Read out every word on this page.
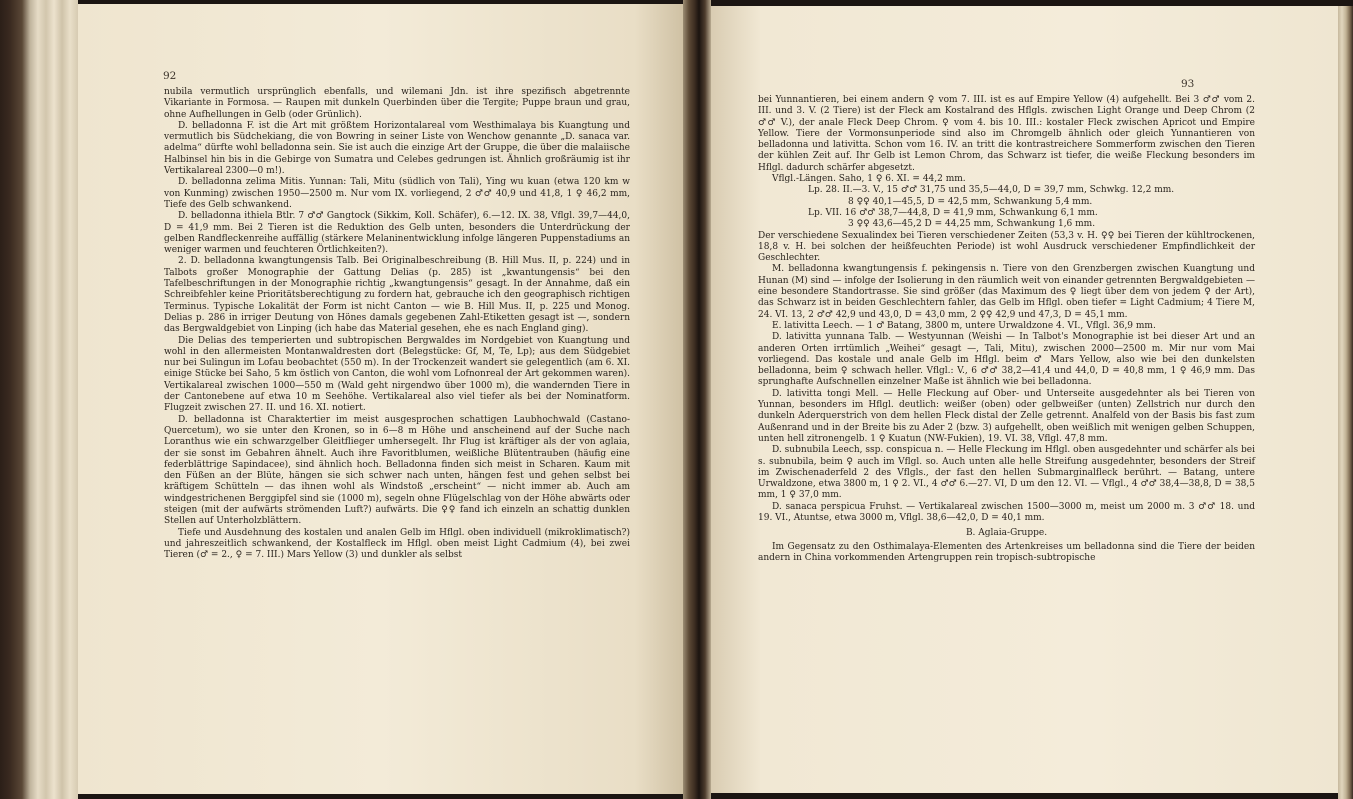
92

nubila vermutlich ursprünglich ebenfalls, und wilemani Jdn. ist ihre spezifisch abgetrennte Vikariante in Formosa. — Raupen mit dunkeln Querbinden über die Tergite; Puppe braun und grau, ohne Aufhellungen in Gelb (oder Grünlich).

D. belladonna F. ist die Art mit größtem Horizontalareal vom Westhimalaya bis Kuangtung und vermutlich bis Südchekiang, die von Bowring in seiner Liste von Wenchow genannte „D. sanaca var. adelma“ dürfte wohl belladonna sein. Sie ist auch die einzige Art der Gruppe, die über die malaiische Halbinsel hin bis in die Gebirge von Sumatra und Celebes gedrungen ist. Ähnlich großräumig ist ihr Vertikalareal 2300—0 m!).

D. belladonna zelima Mitis. Yunnan: Tali, Mitu (südlich von Tali), Ying wu kuan (etwa 120 km w von Kunming) zwischen 1950—2500 m. Nur vom IX. vorliegend, 2 ♂♂ 40,9 und 41,8, 1 ♀ 46,2 mm, Tiefe des Gelb schwankend.

D. belladonna ithiela Btlr. 7 ♂♂ Gangtock (Sikkim, Koll. Schäfer), 6.—12. IX. 38, Vflgl. 39,7—44,0, D = 41,9 mm. Bei 2 Tieren ist die Reduktion des Gelb unten, besonders die Unterdrückung der gelben Randfleckenreihe auffällig (stärkere Melaninentwicklung infolge längeren Puppenstadiums an weniger warmen und feuchteren Örtlichkeiten?).

2. D. belladonna kwangtungensis Talb. Bei Originalbeschreibung (B. Hill Mus. II, p. 224) und in Talbots großer Monographie der Gattung Delias (p. 285) ist „kwantungensis“ bei den Tafelbeschriftungen in der Monographie richtig „kwangtungensis“ gesagt. In der Annahme, daß ein Schreibfehler keine Prioritätsberechtigung zu fordern hat, gebrauche ich den geographisch richtigen Terminus. Typische Lokalität der Form ist nicht Canton — wie B. Hill Mus. II, p. 225 und Monog. Delias p. 286 in irriger Deutung von Hönes damals gegebenen Zahl-Etiketten gesagt ist —, sondern das Bergwaldgebiet von Linping (ich habe das Material gesehen, ehe es nach England ging).

Die Delias des temperierten und subtropischen Bergwaldes im Nordgebiet von Kuangtung und wohl in den allermeisten Montanwaldresten dort (Belegstücke: Gf, M, Te, Lp); aus dem Südgebiet nur bei Sulingun im Lofau beobachtet (550 m). In der Trockenzeit wandert sie gelegentlich (am 6. XI. einige Stücke bei Saho, 5 km östlich von Canton, die wohl vom Lofnonreal der Art gekommen waren). Vertikalareal zwischen 1000—550 m (Wald geht nirgendwo über 1000 m), die wandernden Tiere in der Cantonebene auf etwa 10 m Seehöhe. Vertikalareal also viel tiefer als bei der Nominatform. Flugzeit zwischen 27. II. und 16. XI. notiert.

D. belladonna ist Charaktertier im meist ausgesprochen schattigen Laubhochwald (Castano-Quercetum), wo sie unter den Kronen, so in 6—8 m Höhe und anscheinend auf der Suche nach Loranthus wie ein schwarzgelber Gleitflieger umhersegelt. Ihr Flug ist kräftiger als der von aglaia, der sie sonst im Gebahren ähnelt. Auch ihre Favoritblumen, weißliche Blütentrauben (häufig eine federblättrige Sapindacee), sind ähnlich hoch. Belladonna finden sich meist in Scharen. Kaum mit den Füßen an der Blüte, hängen sie sich schwer nach unten, hängen fest und gehen selbst bei kräftigem Schütteln — das ihnen wohl als Windstoß „erscheint“ — nicht immer ab. Auch am windgestrichenen Berggipfel sind sie (1000 m), segeln ohne Flügelschlag von der Höhe abwärts oder steigen (mit der aufwärts strömenden Luft?) aufwärts. Die ♀♀ fand ich einzeln an schattig dunklen Stellen auf Unterholzblättern.

Tiefe und Ausdehnung des kostalen und analen Gelb im Hflgl. oben individuell (mikroklimatisch?) und jahreszeitlich schwankend, der Kostalfleck im Hflgl. oben meist Light Cadmium (4), bei zwei Tieren (♂ = 2., ♀ = 7. III.) Mars Yellow (3) und dunkler als selbst

93

bei Yunnantieren, bei einem andern ♀ vom 7. III. ist es auf Empire Yellow (4) aufgehellt. Bei 3 ♂♂ vom 2. III. und 3. V. (2 Tiere) ist der Fleck am Kostalrand des Hflgls. zwischen Light Orange und Deep Chrom (2 ♂♂ V.), der anale Fleck Deep Chrom. ♀ vom 4. bis 10. III.: kostaler Fleck zwischen Apricot und Empire Yellow. Tiere der Vormonsunperiode sind also im Chromgelb ähnlich oder gleich Yunnantieren von belladonna und lativitta. Schon vom 16. IV. an tritt die kontrastreichere Sommerform zwischen den Tieren der kühlen Zeit auf. Ihr Gelb ist Lemon Chrom, das Schwarz ist tiefer, die weiße Fleckung besonders im Hflgl. dadurch schärfer abgesetzt.

Vflgl.-Längen. Saho, 1 ♀ 6. XI. = 44,2 mm.

Lp. 28. II.—3. V., 15 ♂♂ 31,75 und 35,5—44,0, D = 39,7 mm, Schwkg. 12,2 mm.

8 ♀♀ 40,1—45,5, D = 42,5 mm, Schwankung 5,4 mm.

Lp. VII. 16 ♂♂ 38,7—44,8, D = 41,9 mm, Schwankung 6,1 mm.

3 ♀♀ 43,6—45,2 D = 44,25 mm, Schwankung 1,6 mm.

Der verschiedene Sexualindex bei Tieren verschiedener Zeiten (53,3 v. H. ♀♀ bei Tieren der kühltrockenen, 18,8 v. H. bei solchen der heißfeuchten Periode) ist wohl Ausdruck verschiedener Empfindlichkeit der Geschlechter.

M. belladonna kwangtungensis f. pekingensis n. Tiere von den Grenzbergen zwischen Kuangtung und Hunan (M) sind — infolge der Isolierung in den räumlich weit von einander getrennten Bergwaldgebieten — eine besondere Standortrasse. Sie sind größer (das Maximum des ♀ liegt über dem von jedem ♀ der Art), das Schwarz ist in beiden Geschlechtern fahler, das Gelb im Hflgl. oben tiefer = Light Cadmium; 4 Tiere M, 24. VI. 13, 2 ♂♂ 42,9 und 43,0, D = 43,0 mm, 2 ♀♀ 42,9 und 47,3, D = 45,1 mm.

E. lativitta Leech. — 1 ♂ Batang, 3800 m, untere Urwaldzone 4. VI., Vflgl. 36,9 mm.

D. lativitta yunnana Talb. — Westyunnan (Weishi — In Talbot's Monographie ist bei dieser Art und an anderen Orten irrtümlich „Weihei“ gesagt —, Tali, Mitu), zwischen 2000—2500 m. Mir nur vom Mai vorliegend. Das kostale und anale Gelb im Hflgl. beim ♂ Mars Yellow, also wie bei den dunkelsten belladonna, beim ♀ schwach heller. Vflgl.: V., 6 ♂♂ 38,2—41,4 und 44,0, D = 40,8 mm, 1 ♀ 46,9 mm. Das sprunghafte Aufschnellen einzelner Maße ist ähnlich wie bei belladonna.

D. lativitta tongi Mell. — Helle Fleckung auf Ober- und Unterseite ausgedehnter als bei Tieren von Yunnan, besonders im Hflgl. deutlich: weißer (oben) oder gelbweißer (unten) Zellstrich nur durch den dunkeln Aderquerstrich von dem hellen Fleck distal der Zelle getrennt. Analfeld von der Basis bis fast zum Außenrand und in der Breite bis zu Ader 2 (bzw. 3) aufgehellt, oben weißlich mit wenigen gelben Schuppen, unten hell zitronengelb. 1 ♀ Kuatun (NW-Fukien), 19. VI. 38, Vflgl. 47,8 mm.

D. subnubila Leech, ssp. conspicua n. — Helle Fleckung im Hflgl. oben ausgedehnter und schärfer als bei s. subnubila, beim ♀ auch im Vflgl. so. Auch unten alle helle Streifung ausgedehnter, besonders der Streif im Zwischenaderfeld 2 des Vflgls., der fast den hellen Submarginalfleck berührt. — Batang, untere Urwaldzone, etwa 3800 m, 1 ♀ 2. VI., 4 ♂♂ 6.—27. VI, D um den 12. VI. — Vflgl., 4 ♂♂ 38,4—38,8, D = 38,5 mm, 1 ♀ 37,0 mm.

D. sanaca perspicua Fruhst. — Vertikalareal zwischen 1500—3000 m, meist um 2000 m. 3 ♂♂ 18. und 19. VI., Atuntse, etwa 3000 m, Vflgl. 38,6—42,0, D = 40,1 mm.

B. Aglaia-Gruppe.

Im Gegensatz zu den Osthimalaya-Elementen des Artenkreises um belladonna sind die Tiere der beiden andern in China vorkommenden Artengruppen rein tropisch-subtropische
